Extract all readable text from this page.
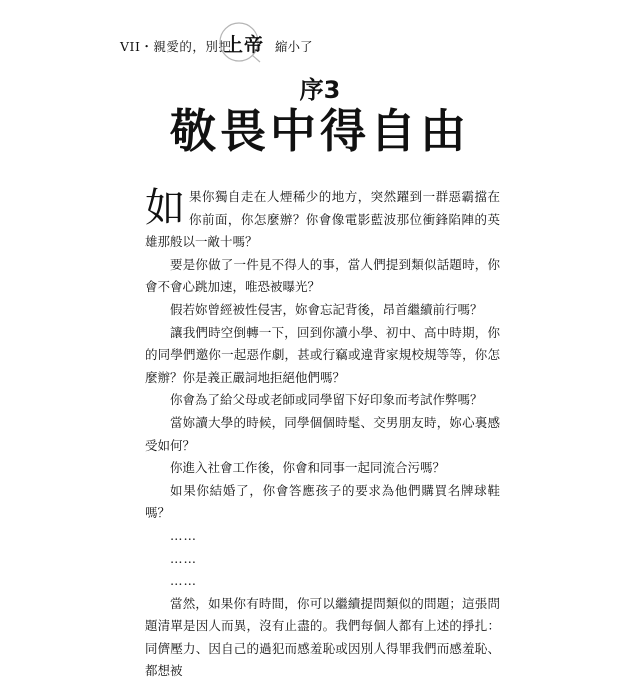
VII・親愛的，別把
上帝 縮小了
序3
敬畏中得自由

如果你獨自走在人煙稀少的地方，突然躍到一群惡霸擋在你前面，你怎麼辦？你會像電影藍波那位衝鋒陷陣的英雄那般以一敵十嗎？

要是你做了一件見不得人的事，當人們提到類似話題時，你會不會心跳加速，唯恐被曝光？

假若妳曾經被性侵害，妳會忘記背後，昂首繼續前行嗎？

讓我們時空倒轉一下，回到你讀小學、初中、高中時期，你的同學們邀你一起惡作劇，甚或行竊或違背家規校規等等，你怎麼辦？你是義正嚴詞地拒絕他們嗎？

你會為了給父母或老師或同學留下好印象而考試作弊嗎？

當妳讀大學的時候，同學個個時髦、交男朋友時，妳心裏感受如何？

你進入社會工作後，你會和同事一起同流合污嗎？

如果你結婚了，你會答應孩子的要求為他們購買名牌球鞋嗎？

……

……

……

當然，如果你有時間，你可以繼續提問類似的問題；這張問題清單是因人而異，沒有止盡的。我們每個人都有上述的掙扎：同儕壓力、因自己的過犯而感羞恥或因別人得罪我們而感羞恥、都想被
